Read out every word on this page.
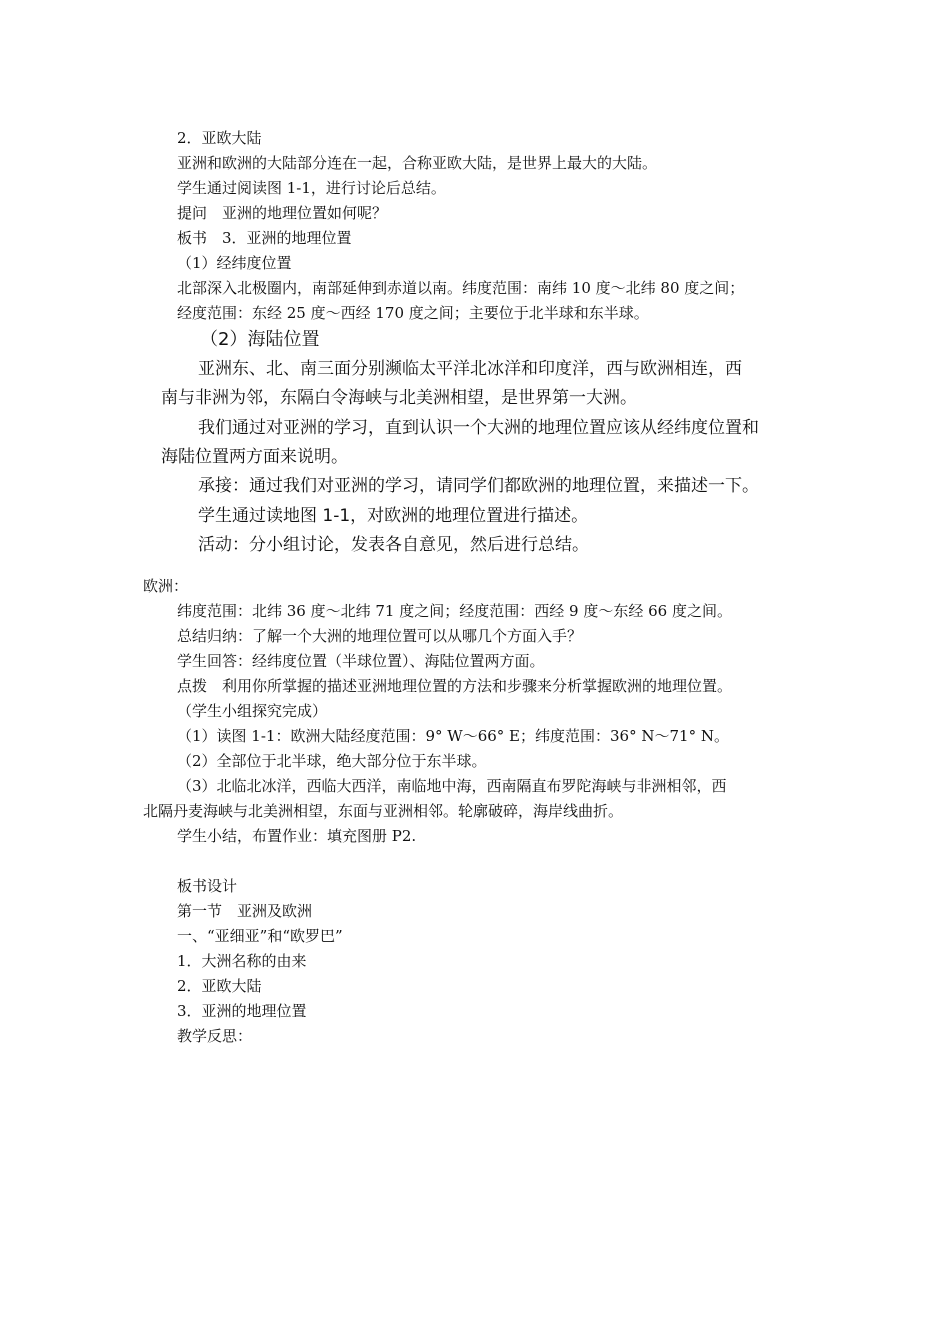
2．亚欧大陆

亚洲和欧洲的大陆部分连在一起，合称亚欧大陆，是世界上最大的大陆。

学生通过阅读图 1-1，进行讨论后总结。

提问　亚洲的地理位置如何呢？

板书　3．亚洲的地理位置

（1）经纬度位置

北部深入北极圈内，南部延伸到赤道以南。纬度范围：南纬 10 度～北纬 80 度之间；

经度范围：东经 25 度～西经 170 度之间；主要位于北半球和东半球。

（2）海陆位置

亚洲东、北、南三面分别濒临太平洋北冰洋和印度洋，西与欧洲相连，西

南与非洲为邻，东隔白令海峡与北美洲相望，是世界第一大洲。

我们通过对亚洲的学习，直到认识一个大洲的地理位置应该从经纬度位置和

海陆位置两方面来说明。

承接：通过我们对亚洲的学习，请同学们都欧洲的地理位置，来描述一下。

学生通过读地图 1-1，对欧洲的地理位置进行描述。

活动：分小组讨论，发表各自意见，然后进行总结。

欧洲：

纬度范围：北纬 36 度～北纬 71 度之间；经度范围：西经 9 度～东经 66 度之间。

总结归纳：了解一个大洲的地理位置可以从哪几个方面入手？

学生回答：经纬度位置（半球位置）、海陆位置两方面。

点拨　利用你所掌握的描述亚洲地理位置的方法和步骤来分析掌握欧洲的地理位置。

（学生小组探究完成）

（1）读图 1-1：欧洲大陆经度范围：9° W～66° E；纬度范围：36° N～71° N。

（2）全部位于北半球，绝大部分位于东半球。

（3）北临北冰洋，西临大西洋，南临地中海，西南隔直布罗陀海峡与非洲相邻，西

北隔丹麦海峡与北美洲相望，东面与亚洲相邻。轮廓破碎，海岸线曲折。

学生小结，布置作业：填充图册 P2.

板书设计

第一节　亚洲及欧洲

一、“亚细亚”和“欧罗巴”

1．大洲名称的由来

2．亚欧大陆

3．亚洲的地理位置

教学反思：
